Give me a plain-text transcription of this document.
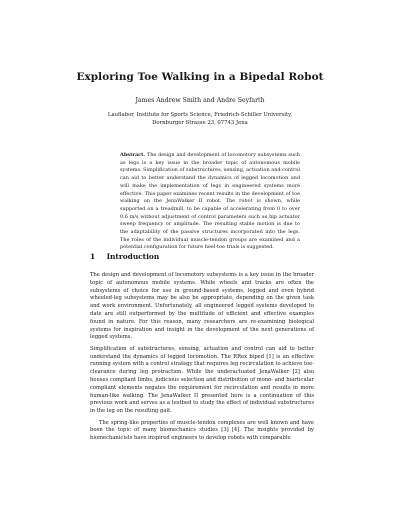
Exploring Toe Walking in a Bipedal Robot
James Andrew Smith and Andre Seyfarth
Lauflabor, Institute for Sports Science, Friedrich-Schiller University, Dornburger Strasse 23, 07743 Jena
Abstract. The design and development of locomotory subsystems such as legs is a key issue in the broader topic of autonomous mobile systems. Simplification of substructures, sensing, actuation and control can aid to better understand the dynamics of legged locomotion and will make the implementation of legs in engineered systems more effective. This paper examines recent results in the development of toe walking on the JenaWalker II robot. The robot is shown, while supported on a treadmill, to be capable of accelerating from 0 to over 0.6 m/s without adjustment of control parameters such as hip actuator sweep frequency or amplitude. The resulting stable motion is due to the adaptability of the passive structures incorporated into the legs. The roles of the individual muscle-tendon groups are examined and a potential configuration for future heel-toe trials is suggested.
1 Introduction

The design and development of locomotory subsystems is a key issue in the broader topic of autonomous mobile systems. While wheels and tracks are often the subsystems of choice for use in ground-based systems, legged and even hybrid wheeled-leg subsystems may be also be appropriate, depending on the given task and work environment. Unfortunately, all engineered legged systems developed to date are still outperformed by the multitude of efficient and effective examples found in nature. For this reason, many researchers are re-examining biological systems for inspiration and insight in the development of the next generations of legged systems.

Simplification of substructures, sensing, actuation and control can aid to better understand the dynamics of legged locomotion. The RRex biped [1] is an effective running system with a control strategy that requires leg recirculation to achieve toe-clearance during leg protraction. While the underactuated JenaWalker [2] also houses compliant limbs, judicious selection and distribution of mono- and biarticular compliant elements negates the requirement for recirculation and results in more human-like walking. The JenaWalker II presented here is a continuation of this previous work and serves as a testbed to study the effect of individual substructures in the leg on the resulting gait.

The spring-like properties of muscle-tendon complexes are well known and have been the topic of many biomechanics studies [3] [4]. The insights provided by biomechanicists have inspired engineers to develop robots with comparable
